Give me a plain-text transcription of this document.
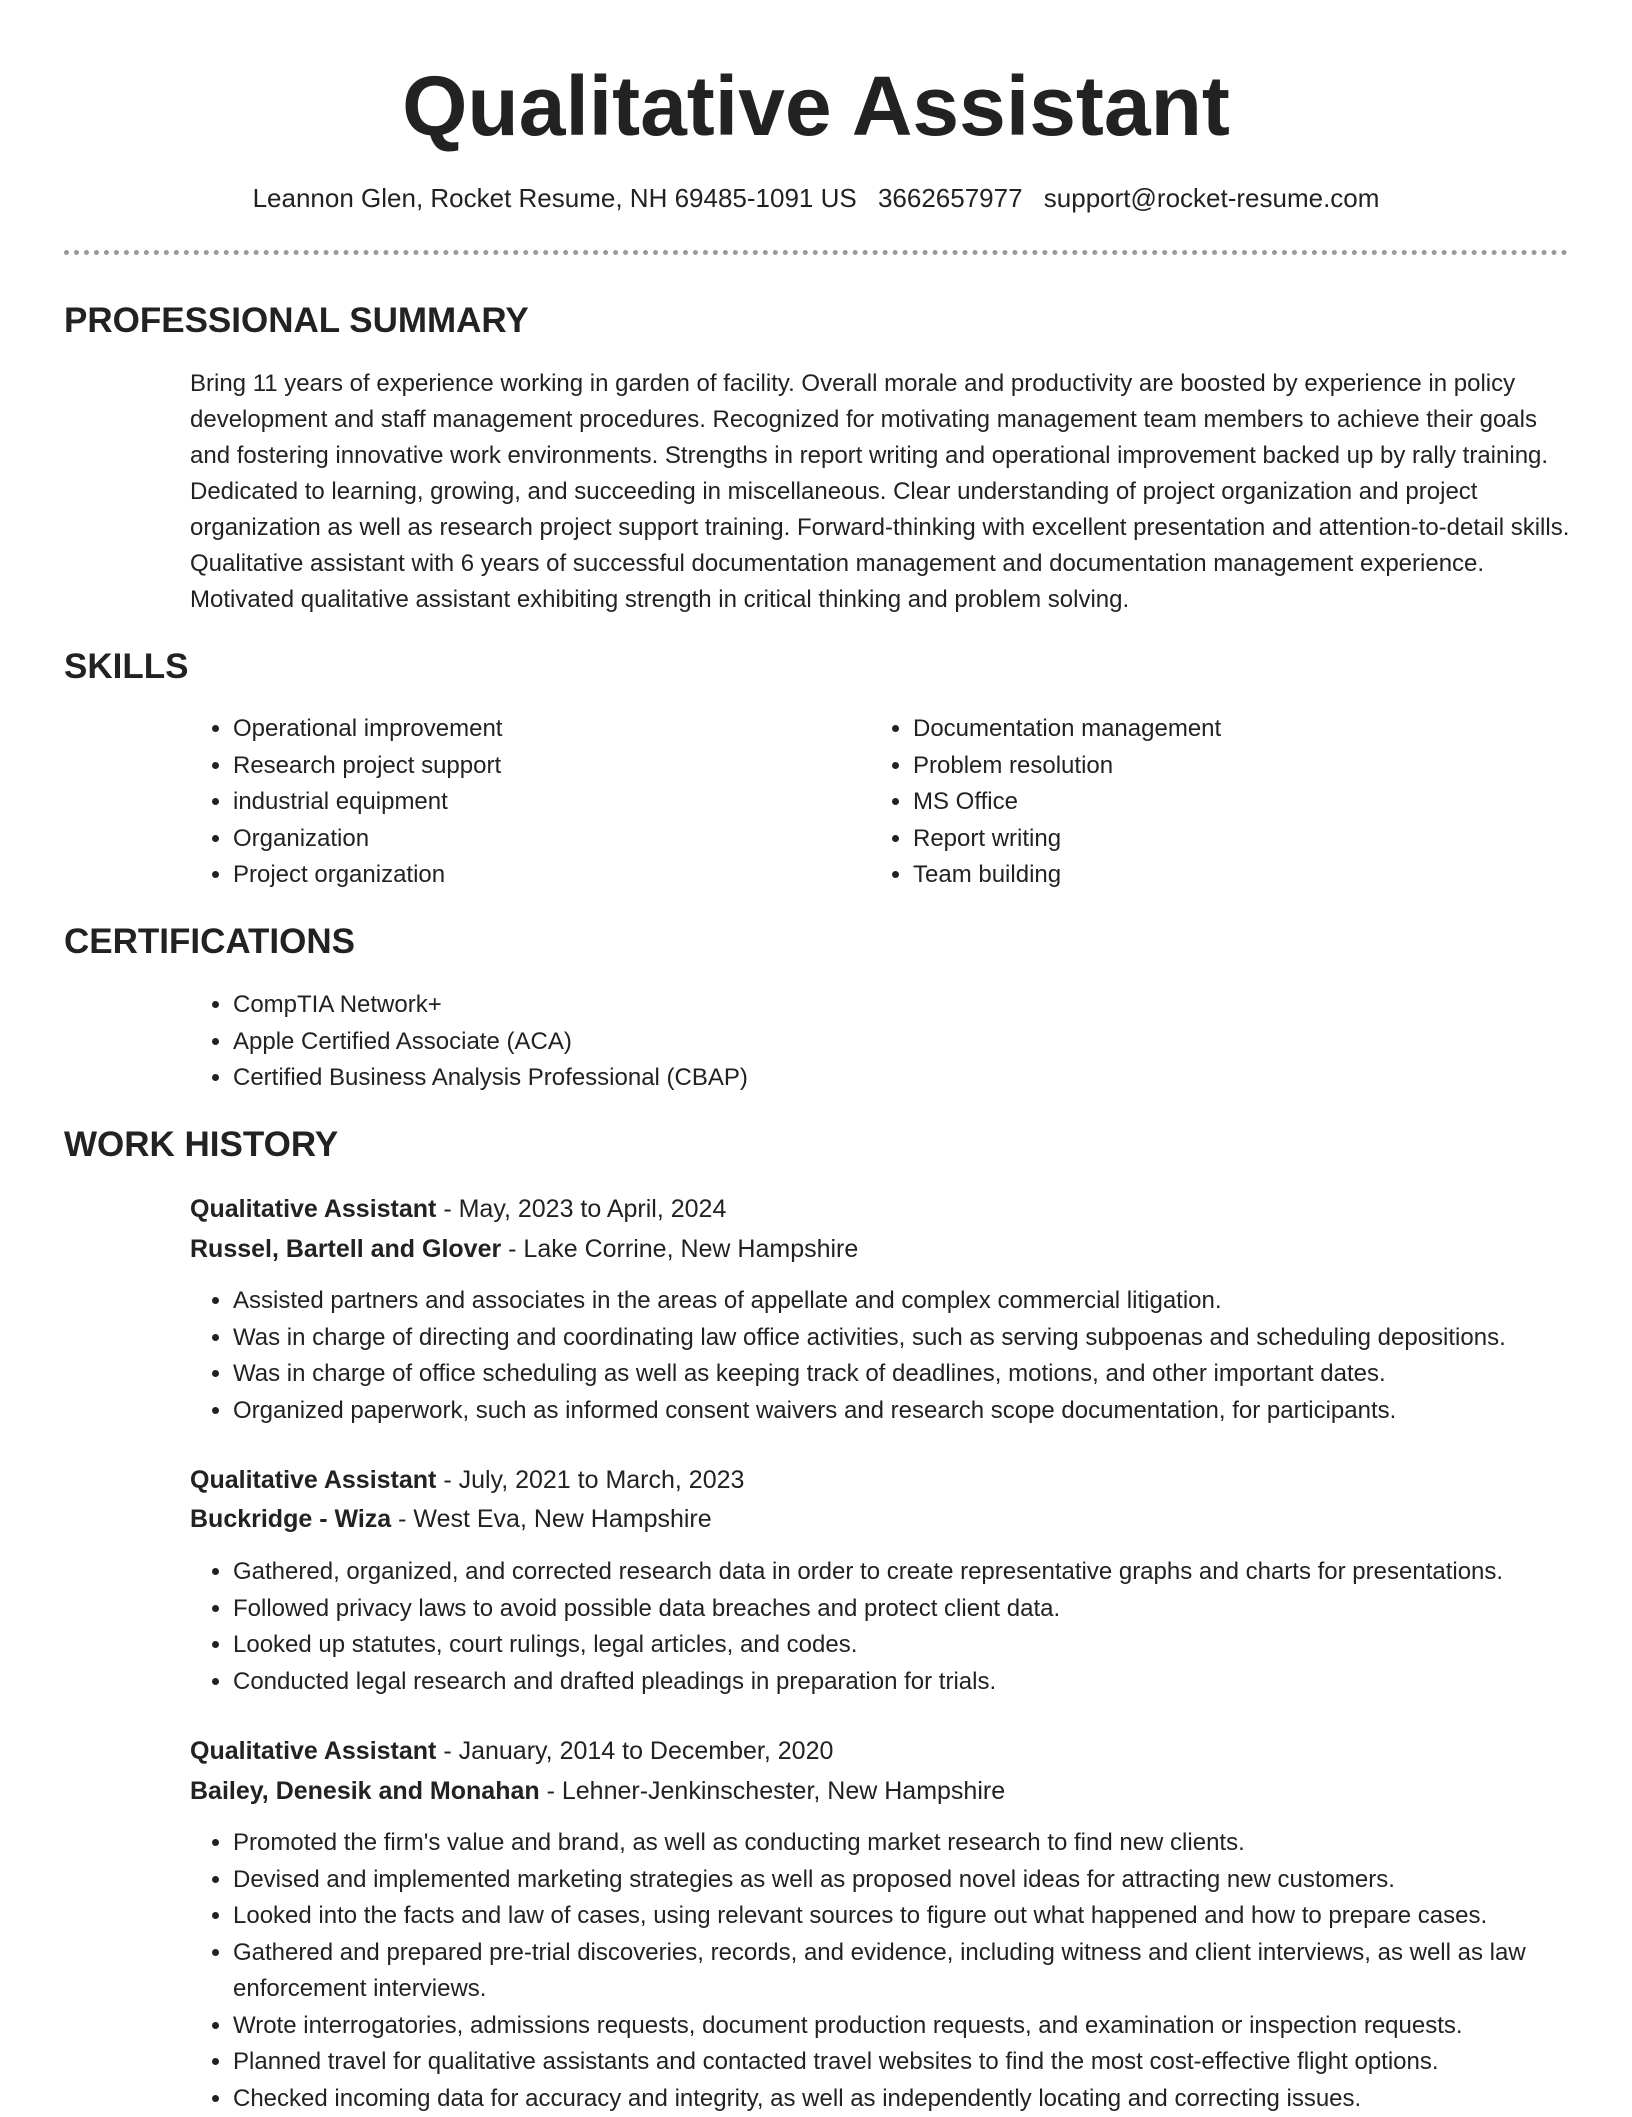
Qualitative Assistant
Leannon Glen, Rocket Resume, NH 69485-1091 US 3662657977 support@rocket-resume.com
PROFESSIONAL SUMMARY

Bring 11 years of experience working in garden of facility. Overall morale and productivity are boosted by experience in policy development and staff management procedures. Recognized for motivating management team members to achieve their goals and fostering innovative work environments. Strengths in report writing and operational improvement backed up by rally training. Dedicated to learning, growing, and succeeding in miscellaneous. Clear understanding of project organization and project organization as well as research project support training. Forward-thinking with excellent presentation and attention-to-detail skills. Qualitative assistant with 6 years of successful documentation management and documentation management experience. Motivated qualitative assistant exhibiting strength in critical thinking and problem solving.

SKILLS
• Operational improvement
• Research project support
• industrial equipment
• Organization
• Project organization
• Documentation management
• Problem resolution
• MS Office
• Report writing
• Team building
CERTIFICATIONS
• CompTIA Network+
• Apple Certified Associate (ACA)
• Certified Business Analysis Professional (CBAP)
WORK HISTORY
Qualitative Assistant - May, 2023 to April, 2024
Russel, Bartell and Glover - Lake Corrine, New Hampshire
• Assisted partners and associates in the areas of appellate and complex commercial litigation.
• Was in charge of directing and coordinating law office activities, such as serving subpoenas and scheduling depositions.
• Was in charge of office scheduling as well as keeping track of deadlines, motions, and other important dates.
• Organized paperwork, such as informed consent waivers and research scope documentation, for participants.
Qualitative Assistant - July, 2021 to March, 2023
Buckridge - Wiza - West Eva, New Hampshire
• Gathered, organized, and corrected research data in order to create representative graphs and charts for presentations.
• Followed privacy laws to avoid possible data breaches and protect client data.
• Looked up statutes, court rulings, legal articles, and codes.
• Conducted legal research and drafted pleadings in preparation for trials.
Qualitative Assistant - January, 2014 to December, 2020
Bailey, Denesik and Monahan - Lehner-Jenkinschester, New Hampshire
• Promoted the firm's value and brand, as well as conducting market research to find new clients.
• Devised and implemented marketing strategies as well as proposed novel ideas for attracting new customers.
• Looked into the facts and law of cases, using relevant sources to figure out what happened and how to prepare cases.
• Gathered and prepared pre-trial discoveries, records, and evidence, including witness and client interviews, as well as law enforcement interviews.
• Wrote interrogatories, admissions requests, document production requests, and examination or inspection requests.
• Planned travel for qualitative assistants and contacted travel websites to find the most cost-effective flight options.
• Checked incoming data for accuracy and integrity, as well as independently locating and correcting issues.
